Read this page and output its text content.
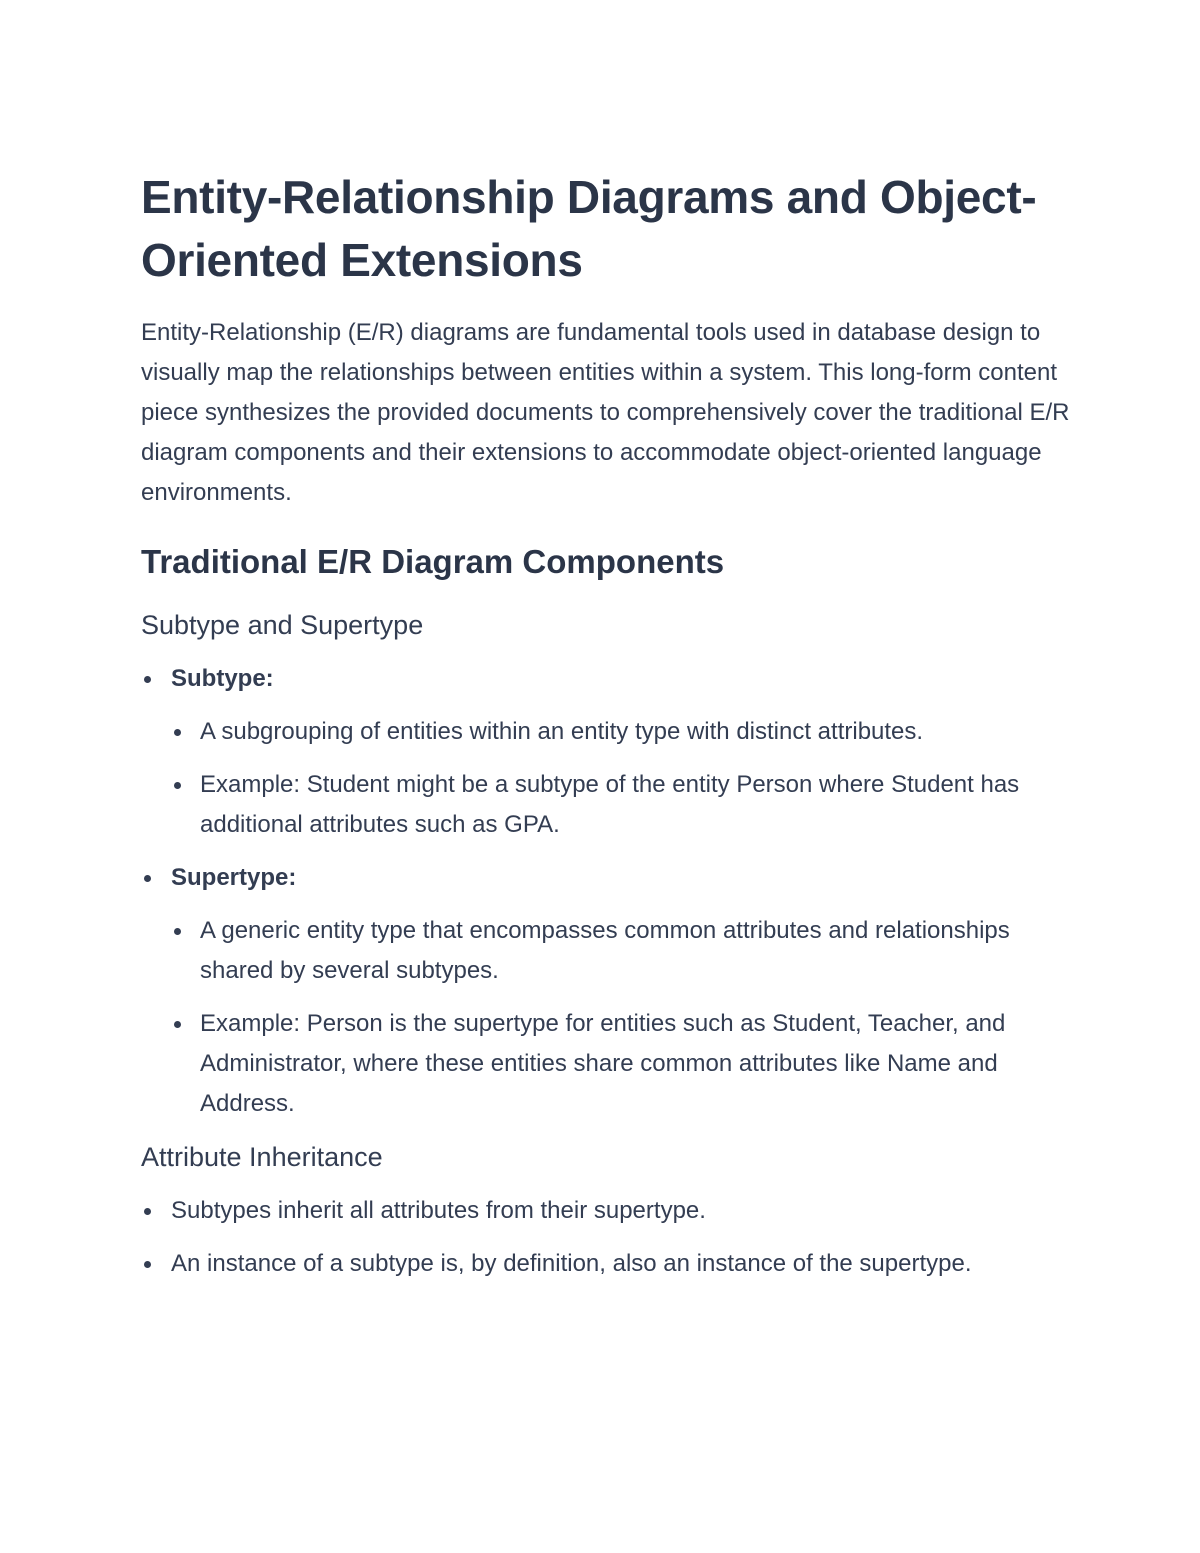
Entity-Relationship Diagrams and Object-Oriented Extensions

Entity-Relationship (E/R) diagrams are fundamental tools used in database design to visually map the relationships between entities within a system. This long-form content piece synthesizes the provided documents to comprehensively cover the traditional E/R diagram components and their extensions to accommodate object-oriented language environments.

Traditional E/R Diagram Components
Subtype and Supertype
Subtype:
A subgrouping of entities within an entity type with distinct attributes.
Example: Student might be a subtype of the entity Person where Student has additional attributes such as GPA.
Supertype:
A generic entity type that encompasses common attributes and relationships shared by several subtypes.
Example: Person is the supertype for entities such as Student, Teacher, and Administrator, where these entities share common attributes like Name and Address.
Attribute Inheritance
Subtypes inherit all attributes from their supertype.
An instance of a subtype is, by definition, also an instance of the supertype.
